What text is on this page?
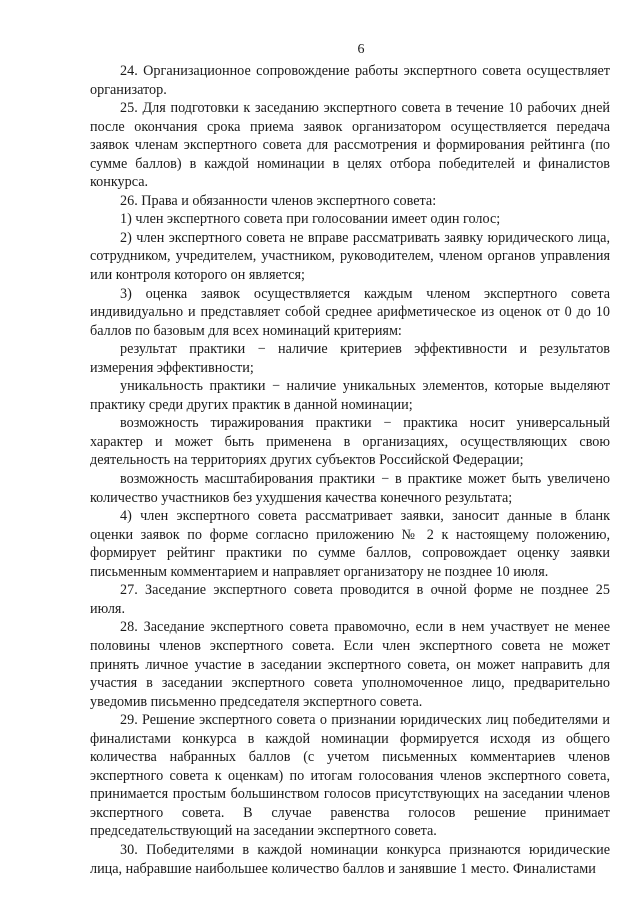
6

24. Организационное сопровождение работы экспертного совета осуществляет организатор.

25. Для подготовки к заседанию экспертного совета в течение 10 рабочих дней после окончания срока приема заявок организатором осуществляется передача заявок членам экспертного совета для рассмотрения и формирования рейтинга (по сумме баллов) в каждой номинации в целях отбора победителей и финалистов конкурса.

26. Права и обязанности членов экспертного совета:

1) член экспертного совета при голосовании имеет один голос;

2) член экспертного совета не вправе рассматривать заявку юридического лица, сотрудником, учредителем, участником, руководителем, членом органов управления или контроля которого он является;

3) оценка заявок осуществляется каждым членом экспертного совета индивидуально и представляет собой среднее арифметическое из оценок от 0 до 10 баллов по базовым для всех номинаций критериям:

результат практики − наличие критериев эффективности и результатов измерения эффективности;

уникальность практики − наличие уникальных элементов, которые выделяют практику среди других практик в данной номинации;

возможность тиражирования практики − практика носит универсальный характер и может быть применена в организациях, осуществляющих свою деятельность на территориях других субъектов Российской Федерации;

возможность масштабирования практики − в практике может быть увеличено количество участников без ухудшения качества конечного результата;

4) член экспертного совета рассматривает заявки, заносит данные в бланк оценки заявок по форме согласно приложению № 2 к настоящему положению, формирует рейтинг практики по сумме баллов, сопровождает оценку заявки письменным комментарием и направляет организатору не позднее 10 июля.

27. Заседание экспертного совета проводится в очной форме не позднее 25 июля.

28. Заседание экспертного совета правомочно, если в нем участвует не менее половины членов экспертного совета. Если член экспертного совета не может принять личное участие в заседании экспертного совета, он может направить для участия в заседании экспертного совета уполномоченное лицо, предварительно уведомив письменно председателя экспертного совета.

29. Решение экспертного совета о признании юридических лиц победителями и финалистами конкурса в каждой номинации формируется исходя из общего количества набранных баллов (с учетом письменных комментариев членов экспертного совета к оценкам) по итогам голосования членов экспертного совета, принимается простым большинством голосов присутствующих на заседании членов экспертного совета. В случае равенства голосов решение принимает председательствующий на заседании экспертного совета.

30. Победителями в каждой номинации конкурса признаются юридические лица, набравшие наибольшее количество баллов и занявшие 1 место. Финалистами
